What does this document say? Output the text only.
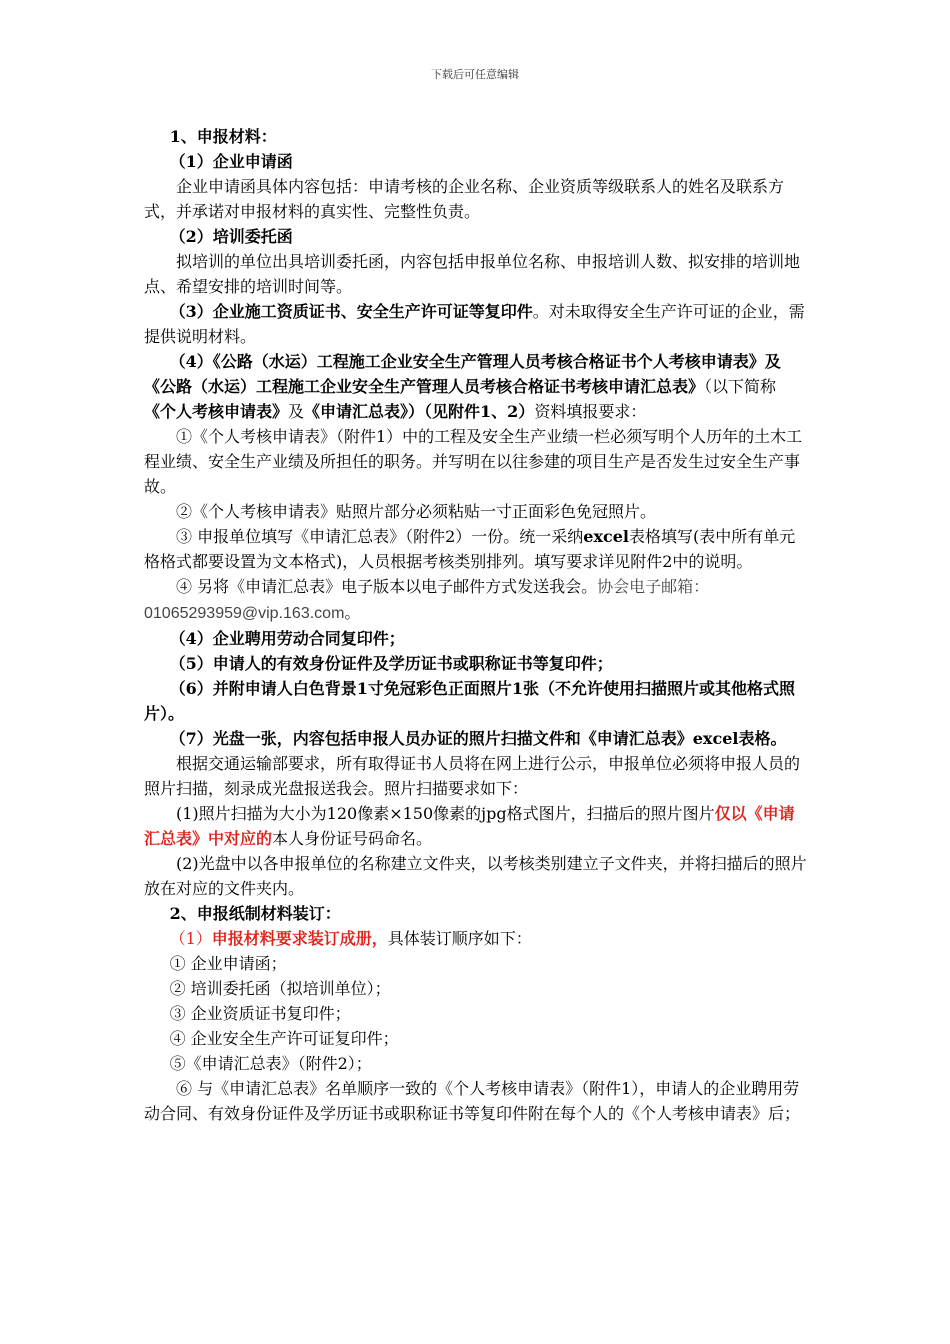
下载后可任意编辑

1、申报材料：

（1）企业申请函

企业申请函具体内容包括：申请考核的企业名称、企业资质等级联系人的姓名及联系方式，并承诺对申报材料的真实性、完整性负责。

（2）培训委托函

拟培训的单位出具培训委托函，内容包括申报单位名称、申报培训人数、拟安排的培训地点、希望安排的培训时间等。

（3）企业施工资质证书、安全生产许可证等复印件。对未取得安全生产许可证的企业，需提供说明材料。

（4）《公路（水运）工程施工企业安全生产管理人员考核合格证书个人考核申请表》及《公路（水运）工程施工企业安全生产管理人员考核合格证书考核申请汇总表》（以下简称《个人考核申请表》及《申请汇总表》）（见附件1、2）资料填报要求：

①《个人考核申请表》（附件1）中的工程及安全生产业绩一栏必须写明个人历年的土木工程业绩、安全生产业绩及所担任的职务。并写明在以往参建的项目生产是否发生过安全生产事故。

②《个人考核申请表》贴照片部分必须粘贴一寸正面彩色免冠照片。

③ 申报单位填写《申请汇总表》（附件2）一份。统一采纳excel表格填写(表中所有单元格格式都要设置为文本格式)，人员根据考核类别排列。填写要求详见附件2中的说明。

④ 另将《申请汇总表》电子版本以电子邮件方式发送我会。协会电子邮箱：01065293959@vip.163.com。

（4）企业聘用劳动合同复印件；

（5）申请人的有效身份证件及学历证书或职称证书等复印件；

（6）并附申请人白色背景1寸免冠彩色正面照片1张（不允许使用扫描照片或其他格式照片）。

（7）光盘一张，内容包括申报人员办证的照片扫描文件和《申请汇总表》excel表格。

根据交通运输部要求，所有取得证书人员将在网上进行公示，申报单位必须将申报人员的照片扫描，刻录成光盘报送我会。照片扫描要求如下：

(1)照片扫描为大小为120像素×150像素的jpg格式图片，扫描后的照片图片仅以《申请汇总表》中对应的本人身份证号码命名。

(2)光盘中以各申报单位的名称建立文件夹，以考核类别建立子文件夹，并将扫描后的照片放在对应的文件夹内。

2、申报纸制材料装订：

（1）申报材料要求装订成册，具体装订顺序如下：

① 企业申请函；

② 培训委托函（拟培训单位）；

③ 企业资质证书复印件；

④ 企业安全生产许可证复印件；

⑤《申请汇总表》（附件2）；

⑥ 与《申请汇总表》名单顺序一致的《个人考核申请表》（附件1），申请人的企业聘用劳动合同、有效身份证件及学历证书或职称证书等复印件附在每个人的《个人考核申请表》后；
